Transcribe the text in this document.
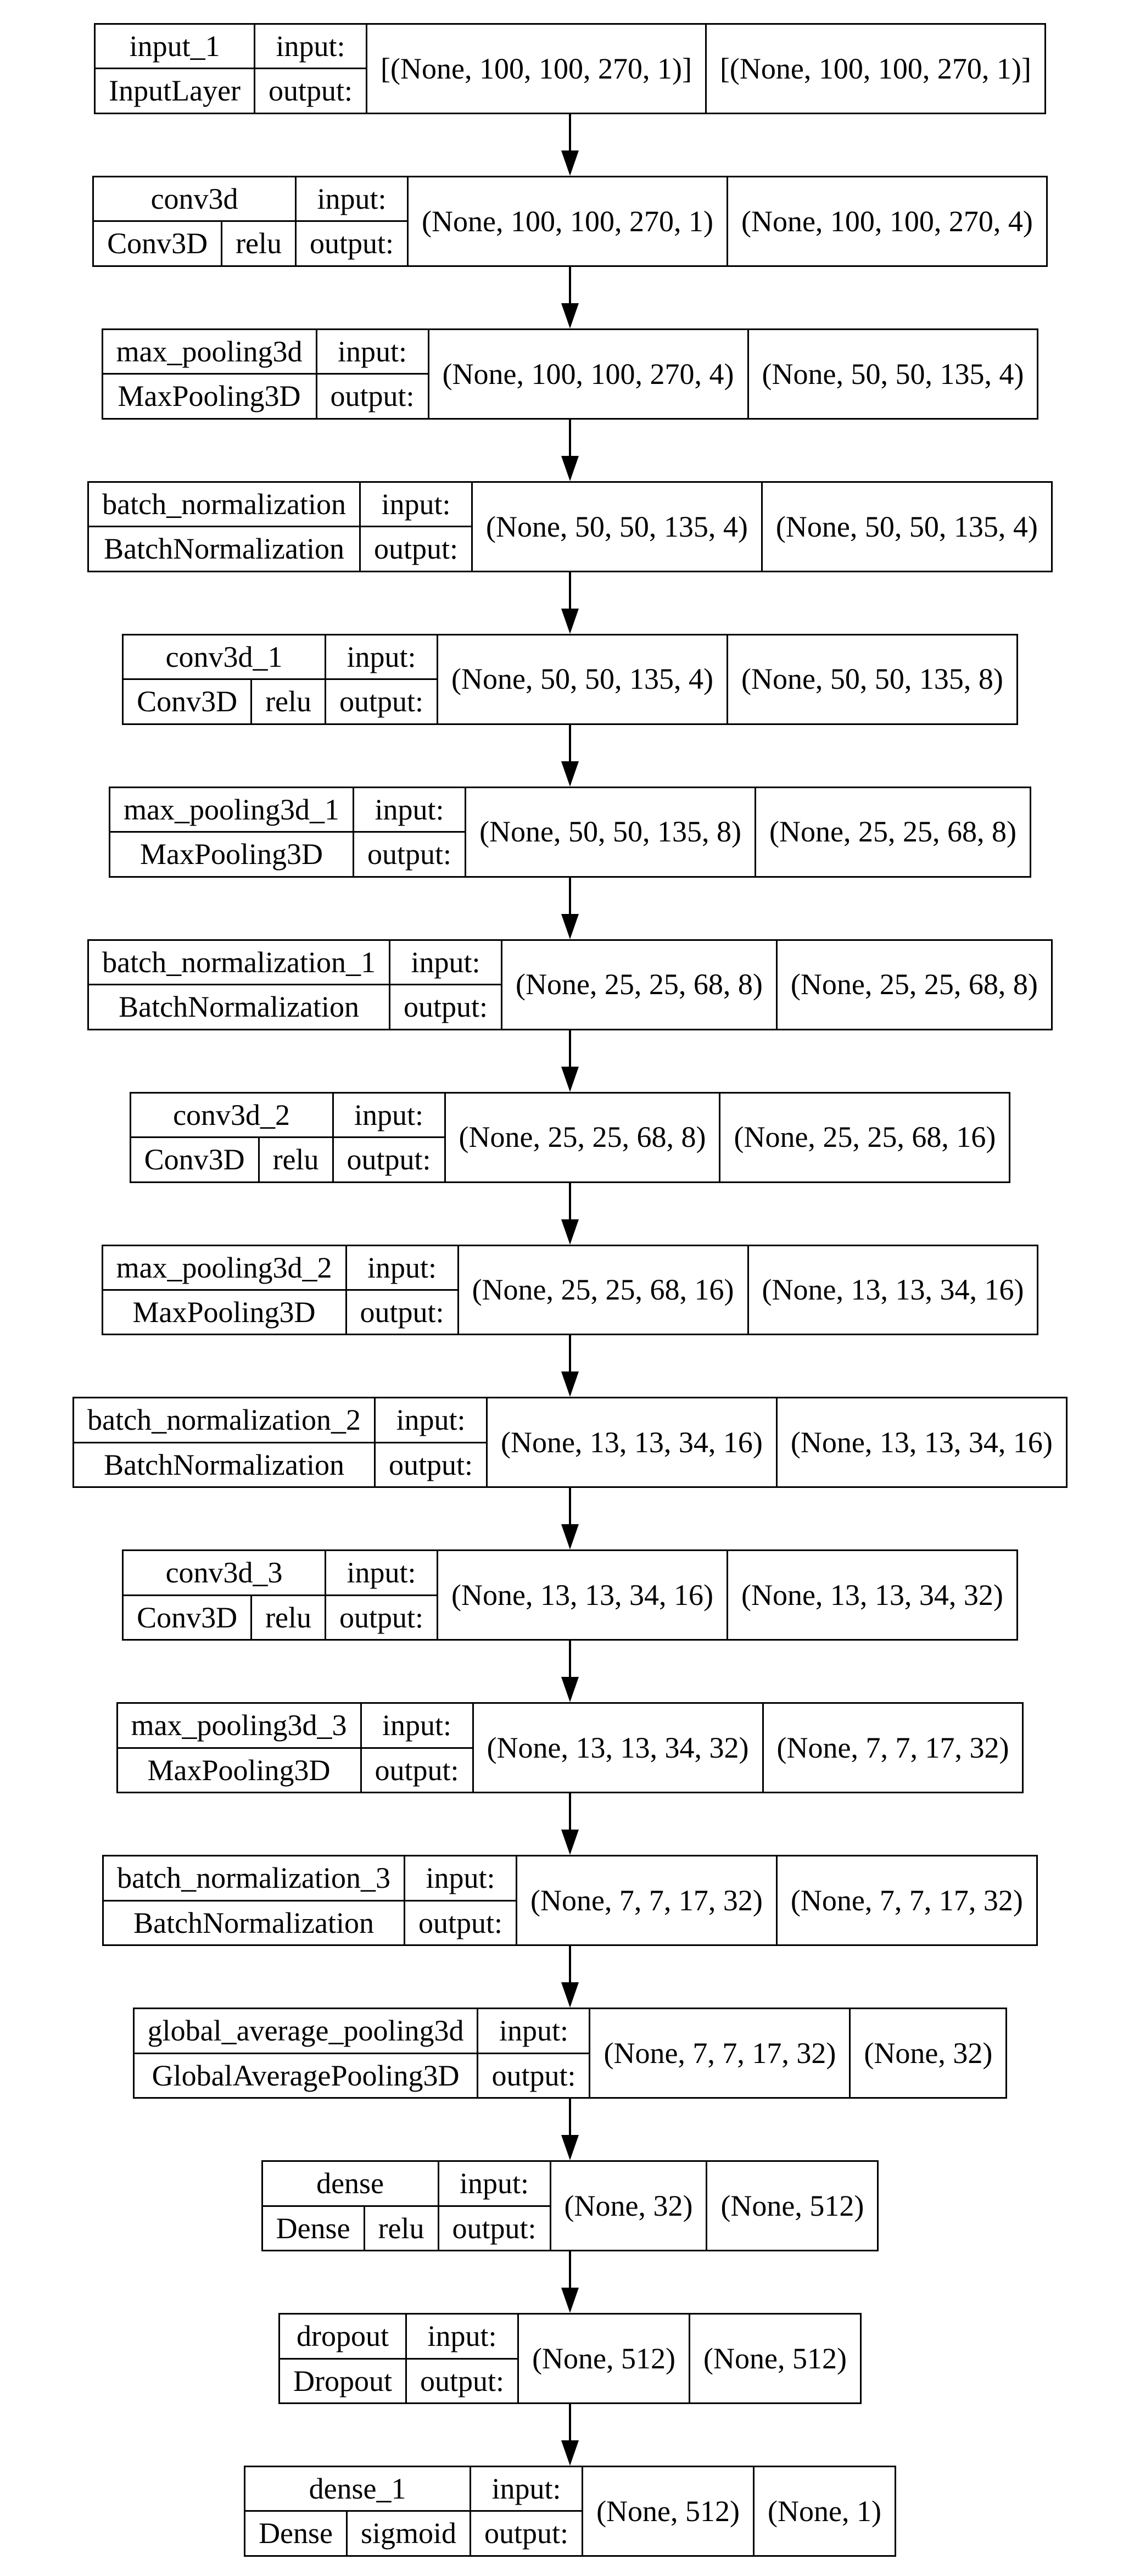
input_1	input:	[(None, 100, 100, 270, 1)]	[(None, 100, 100, 270, 1)]
InputLayer	output:		
conv3d		input:	(None, 100, 100, 270, 1)	(None, 100, 100, 270, 4)
Conv3D	relu	output:		
max_pooling3d	input:	(None, 100, 100, 270, 4)	(None, 50, 50, 135, 4)
MaxPooling3D	output:		
batch_normalization	input:	(None, 50, 50, 135, 4)	(None, 50, 50, 135, 4)
BatchNormalization	output:		
conv3d_1		input:	(None, 50, 50, 135, 4)	(None, 50, 50, 135, 8)
Conv3D	relu	output:		
max_pooling3d_1	input:	(None, 50, 50, 135, 8)	(None, 25, 25, 68, 8)
MaxPooling3D	output:		
batch_normalization_1	input:	(None, 25, 25, 68, 8)	(None, 25, 25, 68, 8)
BatchNormalization	output:		
conv3d_2		input:	(None, 25, 25, 68, 8)	(None, 25, 25, 68, 16)
Conv3D	relu	output:		
max_pooling3d_2	input:	(None, 25, 25, 68, 16)	(None, 13, 13, 34, 16)
MaxPooling3D	output:		
batch_normalization_2	input:	(None, 13, 13, 34, 16)	(None, 13, 13, 34, 16)
BatchNormalization	output:		
conv3d_3		input:	(None, 13, 13, 34, 16)	(None, 13, 13, 34, 32)
Conv3D	relu	output:		
max_pooling3d_3	input:	(None, 13, 13, 34, 32)	(None, 7, 7, 17, 32)
MaxPooling3D	output:		
batch_normalization_3	input:	(None, 7, 7, 17, 32)	(None, 7, 7, 17, 32)
BatchNormalization	output:		
global_average_pooling3d	input:	(None, 7, 7, 17, 32)	(None, 32)
GlobalAveragePooling3D	output:		
dense		input:	(None, 32)	(None, 512)
Dense	relu	output:		
dropout	input:	(None, 512)	(None, 512)
Dropout	output:		
dense_1		input:	(None, 512)	(None, 1)
Dense	sigmoid	output:		
